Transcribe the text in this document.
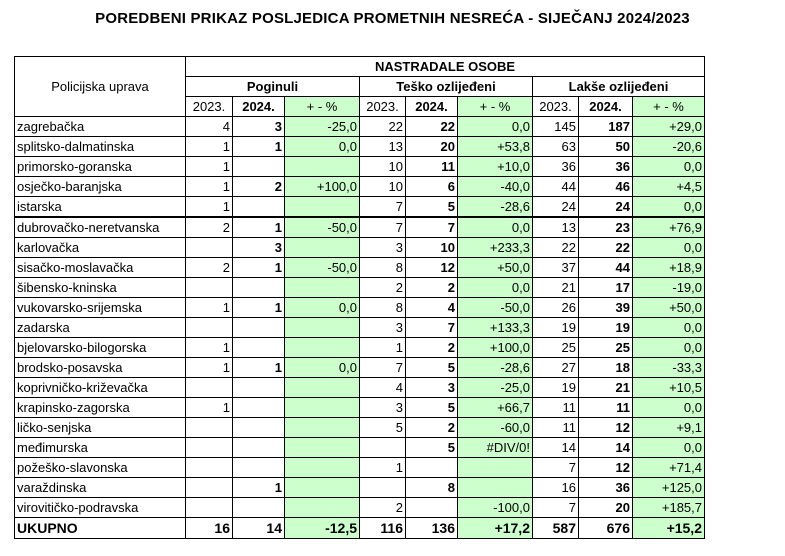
POREDBENI PRIKAZ POSLJEDICA PROMETNIH NESREĆA - SIJEČANJ 2024/2023
Policijska uprava	NASTRADALE OSOBE								
	Poginuli			Teško ozlijeđeni			Lakše ozlijeđeni		
	2023.	2024.	+ - %	2023.	2024.	+ - %	2023.	2024.	+ - %
zagrebačka	4	3	-25,0	22	22	0,0	145	187	+29,0
splitsko-dalmatinska	1	1	0,0	13	20	+53,8	63	50	-20,6
primorsko-goranska	1			10	11	+10,0	36	36	0,0
osječko-baranjska	1	2	+100,0	10	6	-40,0	44	46	+4,5
istarska	1			7	5	-28,6	24	24	0,0
dubrovačko-neretvanska	2	1	-50,0	7	7	0,0	13	23	+76,9
karlovačka		3		3	10	+233,3	22	22	0,0
sisačko-moslavačka	2	1	-50,0	8	12	+50,0	37	44	+18,9
šibensko-kninska				2	2	0,0	21	17	-19,0
vukovarsko-srijemska	1	1	0,0	8	4	-50,0	26	39	+50,0
zadarska				3	7	+133,3	19	19	0,0
bjelovarsko-bilogorska	1			1	2	+100,0	25	25	0,0
brodsko-posavska	1	1	0,0	7	5	-28,6	27	18	-33,3
koprivničko-križevačka				4	3	-25,0	19	21	+10,5
krapinsko-zagorska	1			3	5	+66,7	11	11	0,0
ličko-senjska				5	2	-60,0	11	12	+9,1
međimurska					5	#DIV/0!	14	14	0,0
požeško-slavonska				1			7	12	+71,4
varaždinska		1			8		16	36	+125,0
virovitičko-podravska				2		-100,0	7	20	+185,7
UKUPNO	16	14	-12,5	116	136	+17,2	587	676	+15,2
